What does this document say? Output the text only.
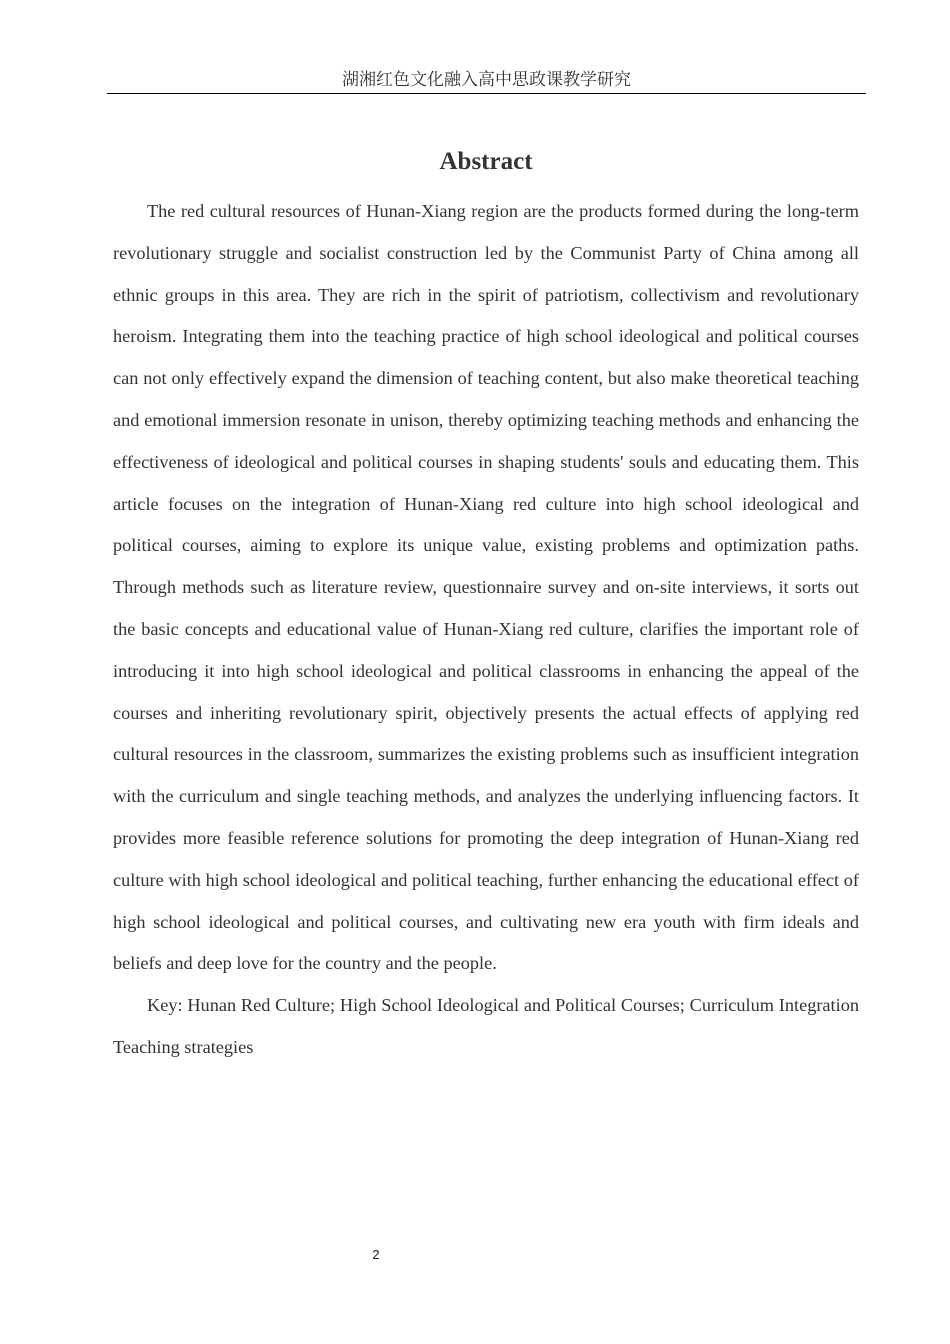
湖湘红色文化融入高中思政课教学研究
Abstract

The red cultural resources of Hunan-Xiang region are the products formed during the long-term revolutionary struggle and socialist construction led by the Communist Party of China among all ethnic groups in this area. They are rich in the spirit of patriotism, collectivism and revolutionary heroism. Integrating them into the teaching practice of high school ideological and political courses can not only effectively expand the dimension of teaching content, but also make theoretical teaching and emotional immersion resonate in unison, thereby optimizing teaching methods and enhancing the effectiveness of ideological and political courses in shaping students' souls and educating them. This article focuses on the integration of Hunan-Xiang red culture into high school ideological and political courses, aiming to explore its unique value, existing problems and optimization paths. Through methods such as literature review, questionnaire survey and on-site interviews, it sorts out the basic concepts and educational value of Hunan-Xiang red culture, clarifies the important role of introducing it into high school ideological and political classrooms in enhancing the appeal of the courses and inheriting revolutionary spirit, objectively presents the actual effects of applying red cultural resources in the classroom, summarizes the existing problems such as insufficient integration with the curriculum and single teaching methods, and analyzes the underlying influencing factors. It provides more feasible reference solutions for promoting the deep integration of Hunan-Xiang red culture with high school ideological and political teaching, further enhancing the educational effect of high school ideological and political courses, and cultivating new era youth with firm ideals and beliefs and deep love for the country and the people.

Key: Hunan Red Culture; High School Ideological and Political Courses; Curriculum Integration Teaching strategies

2
